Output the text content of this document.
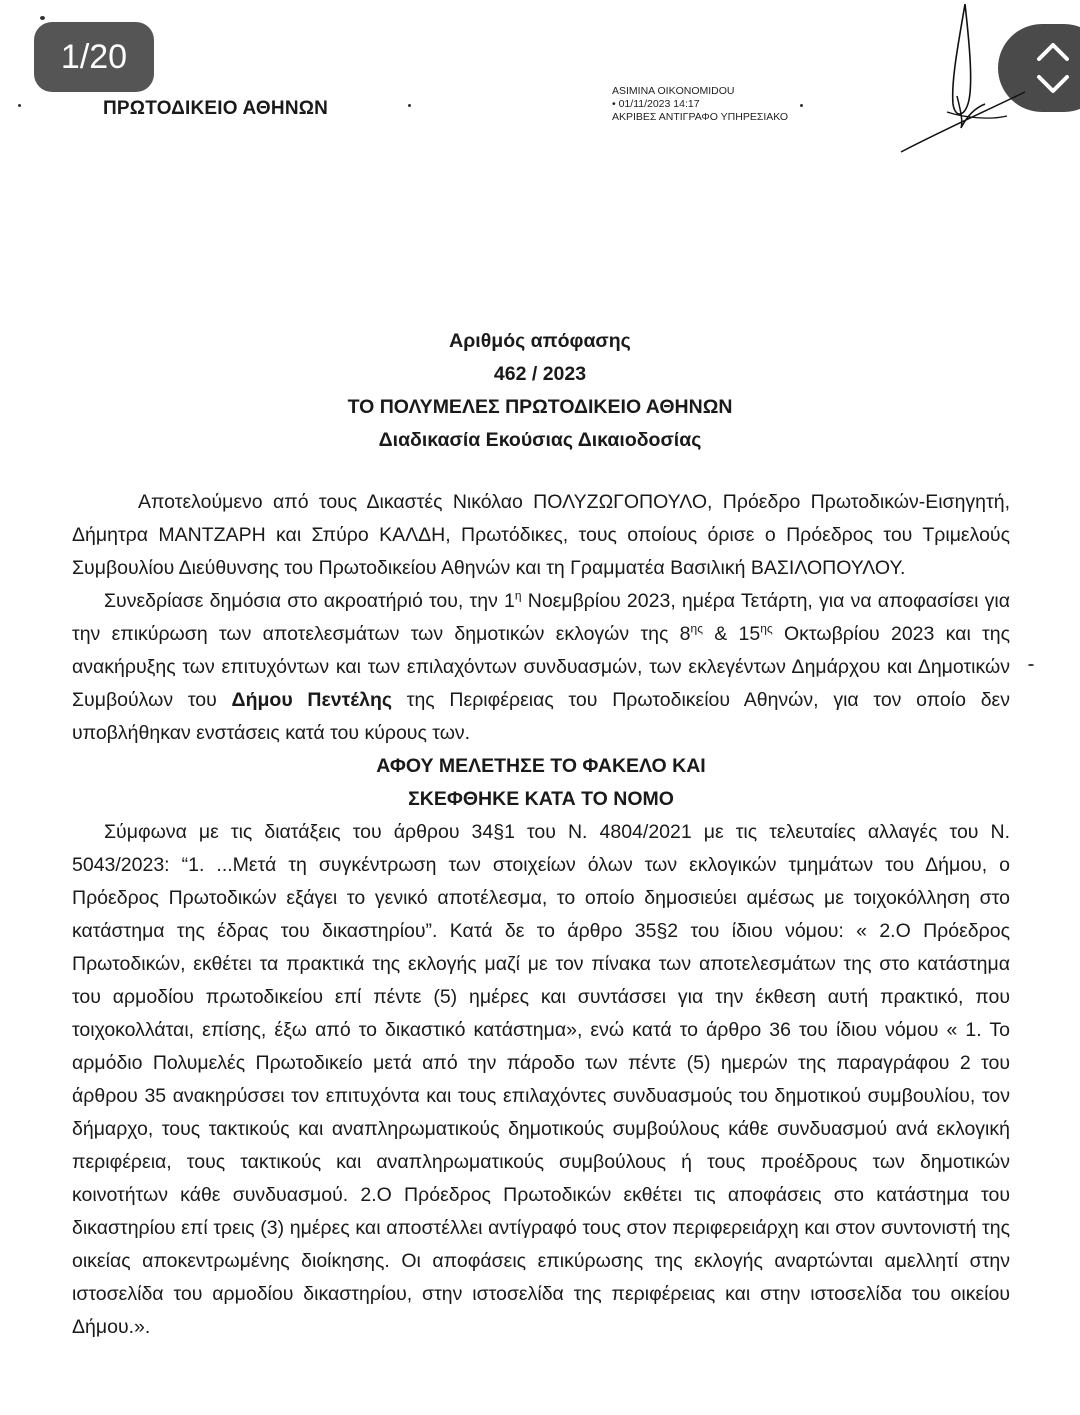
1/20
ΠΡΩΤΟΔΙΚΕΙΟ ΑΘΗΝΩΝ
ASIMINA OIKONOMIDOU
• 01/11/2023 14:17
ΑΚΡΙΒΕΣ ΑΝΤΙΓΡΑΦΟ ΥΠΗΡΕΣΙΑΚΟ
Αριθμός απόφασης
462 / 2023
ΤΟ ΠΟΛΥΜΕΛΕΣ ΠΡΩΤΟΔΙΚΕΙΟ ΑΘΗΝΩΝ
Διαδικασία Εκούσιας Δικαιοδοσίας

Αποτελούμενο από τους Δικαστές Νικόλαο ΠΟΛΥΖΩΓΟΠΟΥΛΟ, Πρόεδρο Πρωτοδικών-Εισηγητή, Δήμητρα ΜΑΝΤΖΑΡΗ και Σπύρο ΚΑΛΔΗ, Πρωτόδικες, τους οποίους όρισε ο Πρόεδρος του Τριμελούς Συμβουλίου Διεύθυνσης του Πρωτοδικείου Αθηνών και τη Γραμματέα Βασιλική ΒΑΣΙΛΟΠΟΥΛΟΥ.

Συνεδρίασε δημόσια στο ακροατήριό του, την $1^\eta$ Νοεμβρίου 2023, ημέρα Τετάρτη, για να αποφασίσει για την επικύρωση των αποτελεσμάτων των δημοτικών εκλογών της $8^{\eta\varsigma}$ & $15^{\eta\varsigma}$ Οκτωβρίου 2023 και της ανακήρυξης των επιτυχόντων και των επιλαχόντων συνδυασμών, των εκλεγέντων Δημάρχου και Δημοτικών Συμβούλων του Δήμου Πεντέλης της Περιφέρειας του Πρωτοδικείου Αθηνών, για τον οποίο δεν υποβλήθηκαν ενστάσεις κατά του κύρους των.

ΑΦΟΥ ΜΕΛΕΤΗΣΕ ΤΟ ΦΑΚΕΛΟ ΚΑΙ

ΣΚΕΦΘΗΚΕ ΚΑΤΑ ΤΟ ΝΟΜΟ

Σύμφωνα με τις διατάξεις του άρθρου 34§1 του Ν. 4804/2021 με τις τελευταίες αλλαγές του Ν. 5043/2023: “1. ...Μετά τη συγκέντρωση των στοιχείων όλων των εκλογικών τμημάτων του Δήμου, ο Πρόεδρος Πρωτοδικών εξάγει το γενικό αποτέλεσμα, το οποίο δημοσιεύει αμέσως με τοιχοκόλληση στο κατάστημα της έδρας του δικαστηρίου”. Κατά δε το άρθρο 35§2 του ίδιου νόμου: « 2.Ο Πρόεδρος Πρωτοδικών, εκθέτει τα πρακτικά της εκλογής μαζί με τον πίνακα των αποτελεσμάτων της στο κατάστημα του αρμοδίου πρωτοδικείου επί πέντε (5) ημέρες και συντάσσει για την έκθεση αυτή πρακτικό, που τοιχοκολλάται, επίσης, έξω από το δικαστικό κατάστημα», ενώ κατά το άρθρο 36 του ίδιου νόμου « 1. Το αρμόδιο Πολυμελές Πρωτοδικείο μετά από την πάροδο των πέντε (5) ημερών της παραγράφου 2 του άρθρου 35 ανακηρύσσει τον επιτυχόντα και τους επιλαχόντες συνδυασμούς του δημοτικού συμβουλίου, τον δήμαρχο, τους τακτικούς και αναπληρωματικούς δημοτικούς συμβούλους κάθε συνδυασμού ανά εκλογική περιφέρεια, τους τακτικούς και αναπληρωματικούς συμβούλους ή τους προέδρους των δημοτικών κοινοτήτων κάθε συνδυασμού. 2.Ο Πρόεδρος Πρωτοδικών εκθέτει τις αποφάσεις στο κατάστημα του δικαστηρίου επί τρεις (3) ημέρες και αποστέλλει αντίγραφό τους στον περιφερειάρχη και στον συντονιστή της οικείας αποκεντρωμένης διοίκησης. Οι αποφάσεις επικύρωσης της εκλογής αναρτώνται αμελλητί στην ιστοσελίδα του αρμοδίου δικαστηρίου, στην ιστοσελίδα της περιφέρειας και στην ιστοσελίδα του οικείου Δήμου.».
